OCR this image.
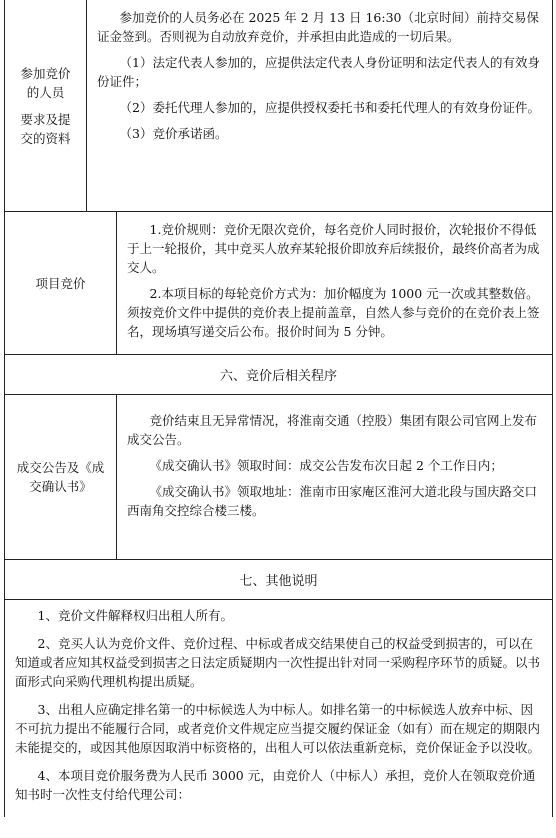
参加竞价
的人员
要求及提
交的资料

参加竞价的人员务必在 2025 年 2 月 13 日 16:30（北京时间）前持交易保证金签到。否则视为自动放弃竞价，并承担由此造成的一切后果。

（1）法定代表人参加的，应提供法定代表人身份证明和法定代表人的有效身份证件；

（2）委托代理人参加的，应提供授权委托书和委托代理人的有效身份证件。

（3）竞价承诺函。

项目竞价

1.竞价规则：竞价无限次竞价，每名竞价人同时报价，次轮报价不得低于上一轮报价，其中竞买人放弃某轮报价即放弃后续报价，最终价高者为成交人。

2.本项目标的每轮竞价方式为：加价幅度为 1000 元一次或其整数倍。须按竞价文件中提供的竞价表上提前盖章，自然人参与竞价的在竞价表上签名，现场填写递交后公布。报价时间为 5 分钟。

六、竞价后相关程序
成交公告及《成
交确认书》

竞价结束且无异常情况，将淮南交通（控股）集团有限公司官网上发布成交公告。

《成交确认书》领取时间：成交公告发布次日起 2 个工作日内；

《成交确认书》领取地址：淮南市田家庵区淮河大道北段与国庆路交口西南角交控综合楼三楼。

七、其他说明

1、竞价文件解释权归出租人所有。

2、竞买人认为竞价文件、竞价过程、中标或者成交结果使自己的权益受到损害的，可以在知道或者应知其权益受到损害之日法定质疑期内一次性提出针对同一采购程序环节的质疑。以书面形式向采购代理机构提出质疑。

3、出租人应确定排名第一的中标候选人为中标人。如排名第一的中标候选人放弃中标、因不可抗力提出不能履行合同，或者竞价文件规定应当提交履约保证金（如有）而在规定的期限内未能提交的，或因其他原因取消中标资格的，出租人可以依法重新竞标，竞价保证金予以没收。

4、本项目竞价服务费为人民币 3000 元，由竞价人（中标人）承担，竞价人在领取竞价通知书时一次性支付给代理公司：
